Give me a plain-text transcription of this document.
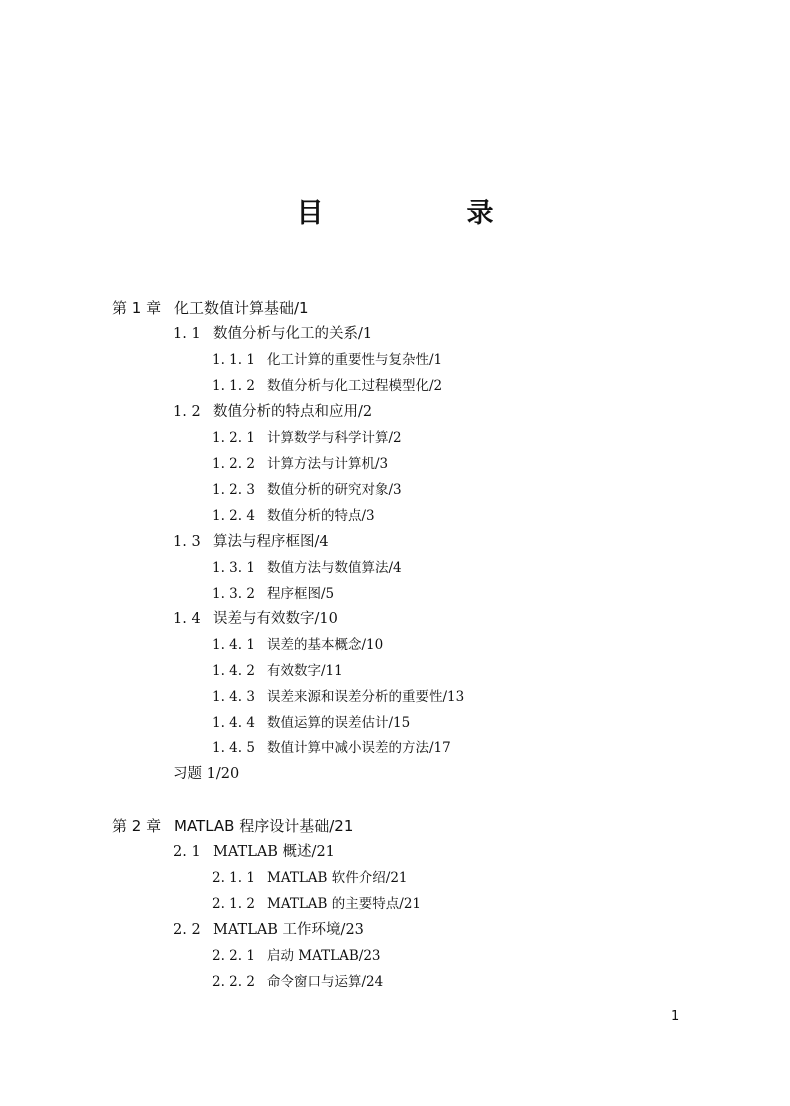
目　录
第 1 章 化工数值计算基础/1
1. 1 数值分析与化工的关系/1
1. 1. 1 化工计算的重要性与复杂性/1
1. 1. 2 数值分析与化工过程模型化/2
1. 2 数值分析的特点和应用/2
1. 2. 1 计算数学与科学计算/2
1. 2. 2 计算方法与计算机/3
1. 2. 3 数值分析的研究对象/3
1. 2. 4 数值分析的特点/3
1. 3 算法与程序框图/4
1. 3. 1 数值方法与数值算法/4
1. 3. 2 程序框图/5
1. 4 误差与有效数字/10
1. 4. 1 误差的基本概念/10
1. 4. 2 有效数字/11
1. 4. 3 误差来源和误差分析的重要性/13
1. 4. 4 数值运算的误差估计/15
1. 4. 5 数值计算中减小误差的方法/17
习题 1/20
第 2 章 MATLAB 程序设计基础/21
2. 1 MATLAB 概述/21
2. 1. 1 MATLAB 软件介绍/21
2. 1. 2 MATLAB 的主要特点/21
2. 2 MATLAB 工作环境/23
2. 2. 1 启动 MATLAB/23
2. 2. 2 命令窗口与运算/24
1
